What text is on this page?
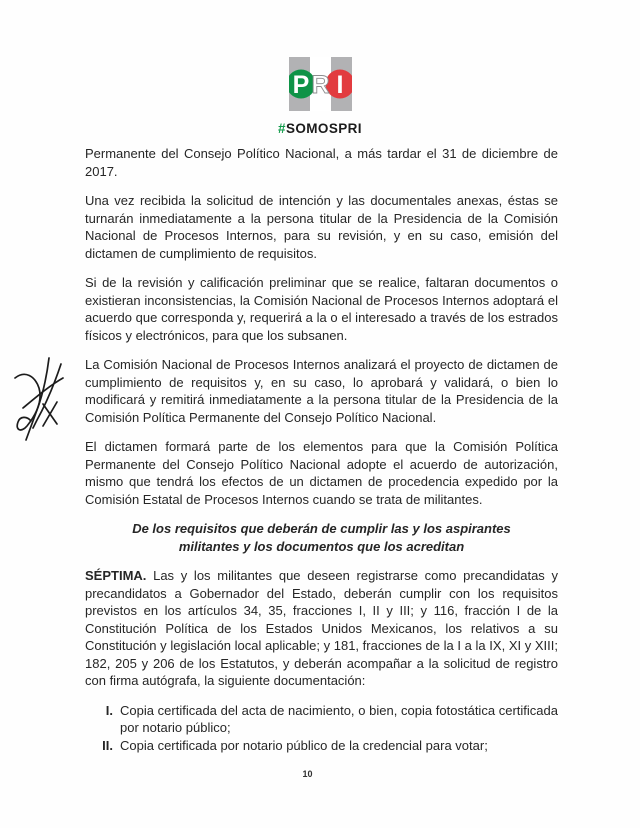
P R I
#SOMOSPRI

Permanente del Consejo Político Nacional, a más tardar el 31 de diciembre de 2017.

Una vez recibida la solicitud de intención y las documentales anexas, éstas se turnarán inmediatamente a la persona titular de la Presidencia de la Comisión Nacional de Procesos Internos, para su revisión, y en su caso, emisión del dictamen de cumplimiento de requisitos.

Si de la revisión y calificación preliminar que se realice, faltaran documentos o existieran inconsistencias, la Comisión Nacional de Procesos Internos adoptará el acuerdo que corresponda y, requerirá a la o el interesado a través de los estrados físicos y electrónicos, para que los subsanen.

La Comisión Nacional de Procesos Internos analizará el proyecto de dictamen de cumplimiento de requisitos y, en su caso, lo aprobará y validará, o bien lo modificará y remitirá inmediatamente a la persona titular de la Presidencia de la Comisión Política Permanente del Consejo Político Nacional.

El dictamen formará parte de los elementos para que la Comisión Política Permanente del Consejo Político Nacional adopte el acuerdo de autorización, mismo que tendrá los efectos de un dictamen de procedencia expedido por la Comisión Estatal de Procesos Internos cuando se trata de militantes.

De los requisitos que deberán de cumplir las y los aspirantes militantes y los documentos que los acreditan

SÉPTIMA. Las y los militantes que deseen registrarse como precandidatas y precandidatos a Gobernador del Estado, deberán cumplir con los requisitos previstos en los artículos 34, 35, fracciones I, II y III; y 116, fracción I de la Constitución Política de los Estados Unidos Mexicanos, los relativos a su Constitución y legislación local aplicable; y 181, fracciones de la I a la IX, XI y XIII; 182, 205 y 206 de los Estatutos, y deberán acompañar a la solicitud de registro con firma autógrafa, la siguiente documentación:

I. Copia certificada del acta de nacimiento, o bien, copia fotostática certificada por notario público;
II. Copia certificada por notario público de la credencial para votar;
10
